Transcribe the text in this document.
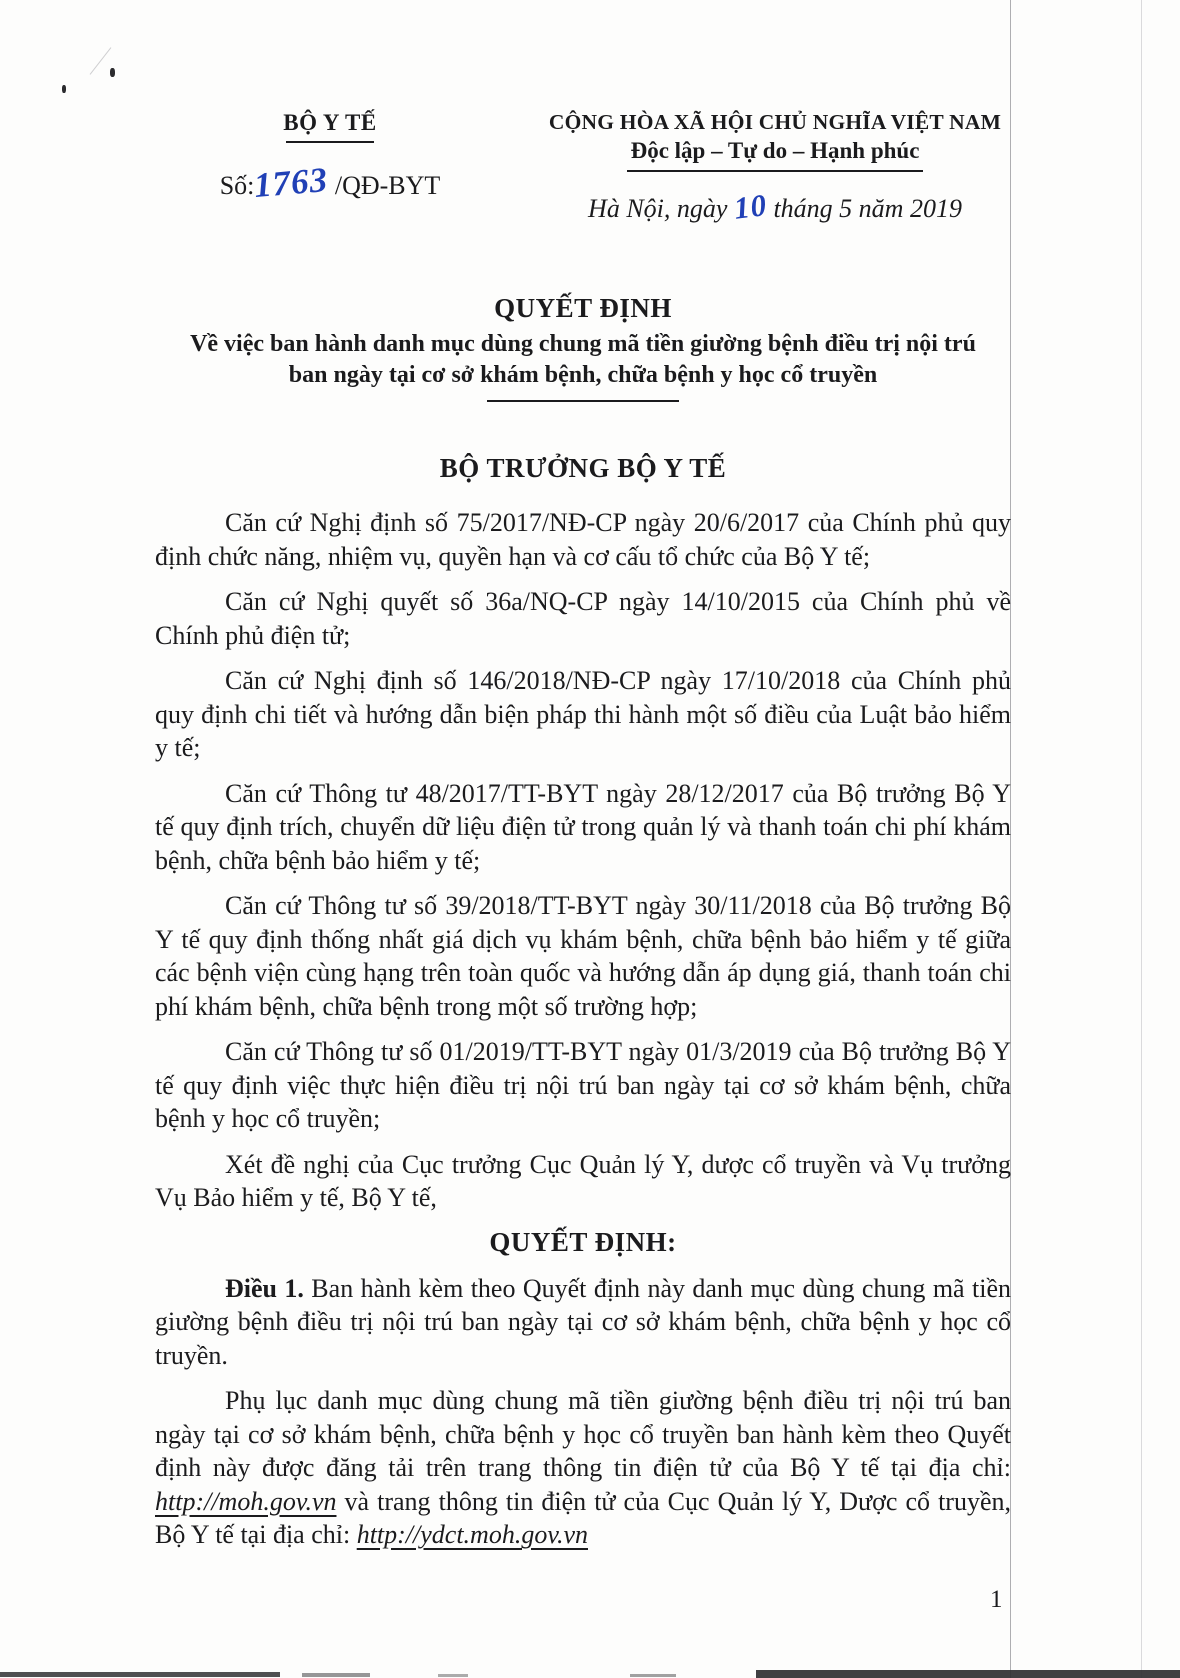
BỘ Y TẾ
Số:1763 /QĐ-BYT
CỘNG HÒA XÃ HỘI CHỦ NGHĨA VIỆT NAM
Độc lập – Tự do – Hạnh phúc
Hà Nội, ngày 10 tháng 5 năm 2019
QUYẾT ĐỊNH
Về việc ban hành danh mục dùng chung mã tiền giường bệnh điều trị nội trú
ban ngày tại cơ sở khám bệnh, chữa bệnh y học cổ truyền
BỘ TRƯỞNG BỘ Y TẾ

Căn cứ Nghị định số 75/2017/NĐ-CP ngày 20/6/2017 của Chính phủ quy định chức năng, nhiệm vụ, quyền hạn và cơ cấu tổ chức của Bộ Y tế;

Căn cứ Nghị quyết số 36a/NQ-CP ngày 14/10/2015 của Chính phủ về Chính phủ điện tử;

Căn cứ Nghị định số 146/2018/NĐ-CP ngày 17/10/2018 của Chính phủ quy định chi tiết và hướng dẫn biện pháp thi hành một số điều của Luật bảo hiểm y tế;

Căn cứ Thông tư 48/2017/TT-BYT ngày 28/12/2017 của Bộ trưởng Bộ Y tế quy định trích, chuyển dữ liệu điện tử trong quản lý và thanh toán chi phí khám bệnh, chữa bệnh bảo hiểm y tế;

Căn cứ Thông tư số 39/2018/TT-BYT ngày 30/11/2018 của Bộ trưởng Bộ Y tế quy định thống nhất giá dịch vụ khám bệnh, chữa bệnh bảo hiểm y tế giữa các bệnh viện cùng hạng trên toàn quốc và hướng dẫn áp dụng giá, thanh toán chi phí khám bệnh, chữa bệnh trong một số trường hợp;

Căn cứ Thông tư số 01/2019/TT-BYT ngày 01/3/2019 của Bộ trưởng Bộ Y tế quy định việc thực hiện điều trị nội trú ban ngày tại cơ sở khám bệnh, chữa bệnh y học cổ truyền;

Xét đề nghị của Cục trưởng Cục Quản lý Y, dược cổ truyền và Vụ trưởng Vụ Bảo hiểm y tế, Bộ Y tế,

QUYẾT ĐỊNH:

Điều 1. Ban hành kèm theo Quyết định này danh mục dùng chung mã tiền giường bệnh điều trị nội trú ban ngày tại cơ sở khám bệnh, chữa bệnh y học cổ truyền.

Phụ lục danh mục dùng chung mã tiền giường bệnh điều trị nội trú ban ngày tại cơ sở khám bệnh, chữa bệnh y học cổ truyền ban hành kèm theo Quyết định này được đăng tải trên trang thông tin điện tử của Bộ Y tế tại địa chỉ: http://moh.gov.vn và trang thông tin điện tử của Cục Quản lý Y, Dược cổ truyền, Bộ Y tế tại địa chỉ: http://ydct.moh.gov.vn

1
